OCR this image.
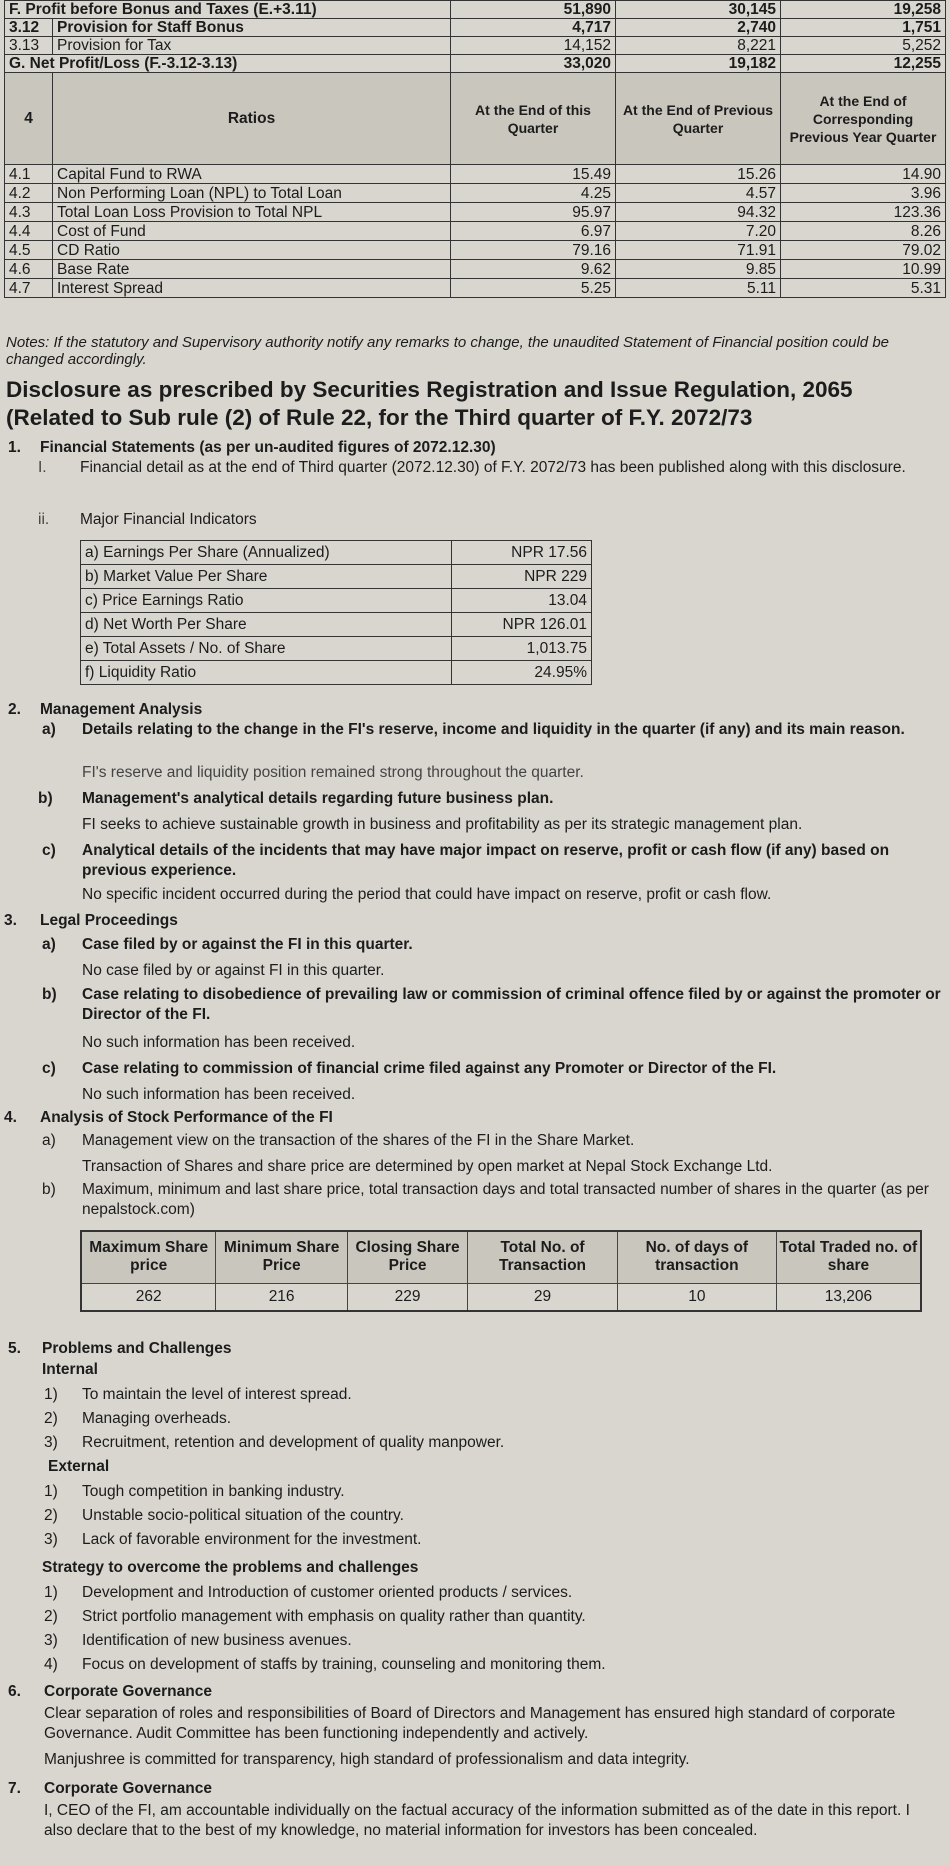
F. Profit before Bonus and Taxes (E.+3.11)		51,890	30,145	19,258
3.12	Provision for Staff Bonus	4,717	2,740	1,751
3.13	Provision for Tax	14,152	8,221	5,252
G. Net Profit/Loss (F.-3.12-3.13)		33,020	19,182	12,255
4	Ratios	At the End of this Quarter	At the End of Previous Quarter	At the End of Corresponding Previous Year Quarter
4.1	Capital Fund to RWA	15.49	15.26	14.90
4.2	Non Performing Loan (NPL) to Total Loan	4.25	4.57	3.96
4.3	Total Loan Loss Provision to Total NPL	95.97	94.32	123.36
4.4	Cost of Fund	6.97	7.20	8.26
4.5	CD Ratio	79.16	71.91	79.02
4.6	Base Rate	9.62	9.85	10.99
4.7	Interest Spread	5.25	5.11	5.31
Notes: If the statutory and Supervisory authority notify any remarks to change, the unaudited Statement of Financial position could be changed accordingly.
Disclosure as prescribed by Securities Registration and Issue Regulation, 2065 (Related to Sub rule (2) of Rule 22, for the Third quarter of F.Y. 2072/73
1. Financial Statements (as per un-audited figures of 2072.12.30)
I. Financial detail as at the end of Third quarter (2072.12.30) of F.Y. 2072/73 has been published along with this disclosure.
ii. Major Financial Indicators
a) Earnings Per Share (Annualized)	NPR 17.56
b) Market Value Per Share	NPR 229
c) Price Earnings Ratio	13.04
d) Net Worth Per Share	NPR 126.01
e) Total Assets / No. of Share	1,013.75
f) Liquidity Ratio	24.95%
2. Management Analysis
a) Details relating to the change in the FI's reserve, income and liquidity in the quarter (if any) and its main reason.
FI's reserve and liquidity position remained strong throughout the quarter.
b) Management's analytical details regarding future business plan.
FI seeks to achieve sustainable growth in business and profitability as per its strategic management plan.
c) Analytical details of the incidents that may have major impact on reserve, profit or cash flow (if any) based on previous experience.
No specific incident occurred during the period that could have impact on reserve, profit or cash flow.
3. Legal Proceedings
a) Case filed by or against the FI in this quarter.
No case filed by or against FI in this quarter.
b) Case relating to disobedience of prevailing law or commission of criminal offence filed by or against the promoter or Director of the FI.
No such information has been received.
c) Case relating to commission of financial crime filed against any Promoter or Director of the FI.
No such information has been received.
4. Analysis of Stock Performance of the FI
a) Management view on the transaction of the shares of the FI in the Share Market.
Transaction of Shares and share price are determined by open market at Nepal Stock Exchange Ltd.
b) Maximum, minimum and last share price, total transaction days and total transacted number of shares in the quarter (as per nepalstock.com)
Maximum Share price	Minimum Share Price	Closing Share Price	Total No. of Transaction	No. of days of transaction	Total Traded no. of share
262	216	229	29	10	13,206
5. Problems and Challenges
Internal
1) To maintain the level of interest spread.
2) Managing overheads.
3) Recruitment, retention and development of quality manpower.
External
1) Tough competition in banking industry.
2) Unstable socio-political situation of the country.
3) Lack of favorable environment for the investment.
Strategy to overcome the problems and challenges
1) Development and Introduction of customer oriented products / services.
2) Strict portfolio management with emphasis on quality rather than quantity.
3) Identification of new business avenues.
4) Focus on development of staffs by training, counseling and monitoring them.
6. Corporate Governance
Clear separation of roles and responsibilities of Board of Directors and Management has ensured high standard of corporate Governance. Audit Committee has been functioning independently and actively.
Manjushree is committed for transparency, high standard of professionalism and data integrity.
7. Corporate Governance
I, CEO of the FI, am accountable individually on the factual accuracy of the information submitted as of the date in this report. I also declare that to the best of my knowledge, no material information for investors has been concealed.
